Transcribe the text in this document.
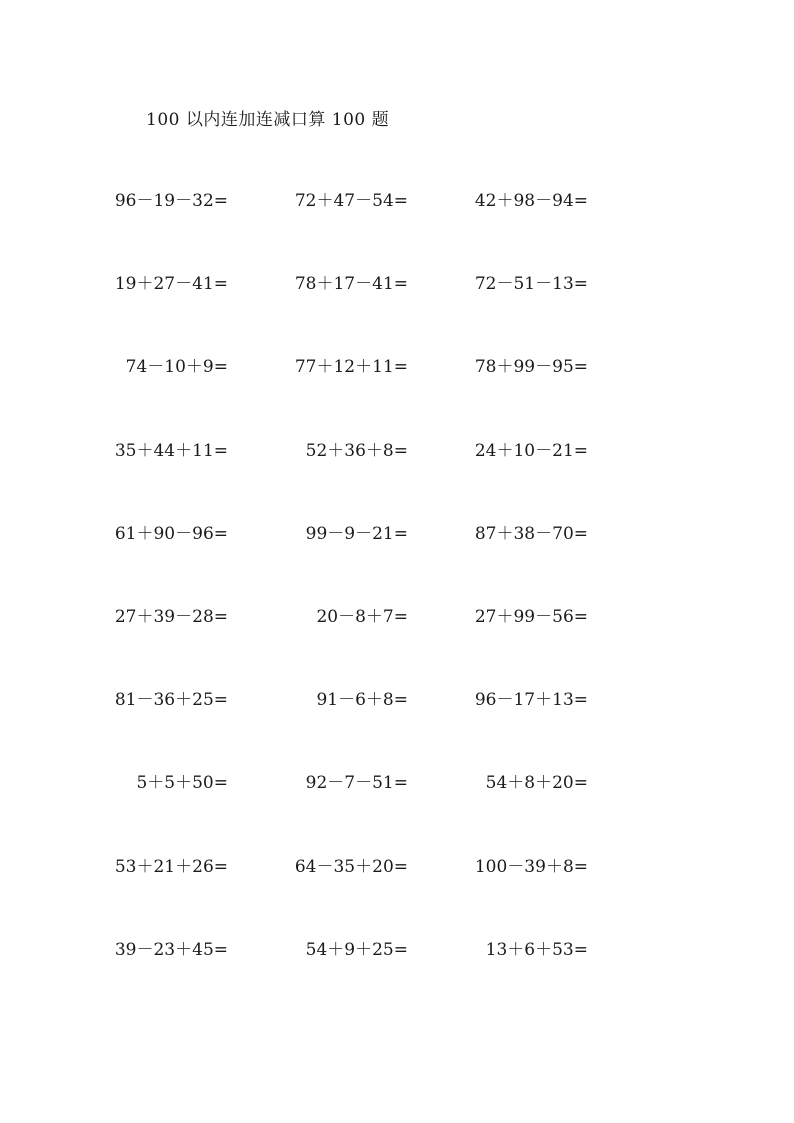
100 以内连加连减口算 100 题
96－19－32=	72＋47－54=	42＋98－94=
19＋27－41=	78＋17－41=	72－51－13=
74－10＋9=	77＋12＋11=	78＋99－95=
35＋44＋11=	52＋36＋8=	24＋10－21=
61＋90－96=	99－9－21=	87＋38－70=
27＋39－28=	20－8＋7=	27＋99－56=
81－36＋25=	91－6＋8=	96－17＋13=
5＋5＋50=	92－7－51=	54＋8＋20=
53＋21＋26=	64－35＋20=	100－39＋8=
39－23＋45=	54＋9＋25=	13＋6＋53=
